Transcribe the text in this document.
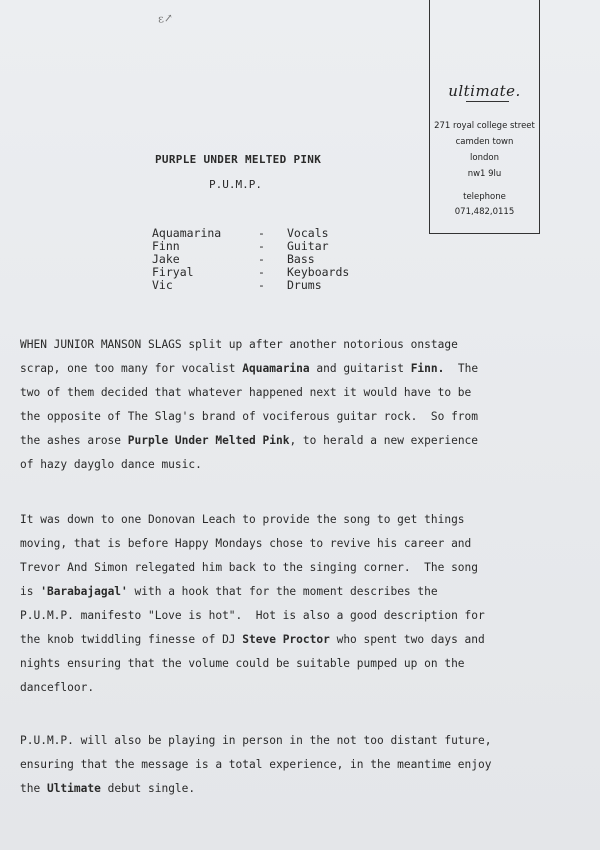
ɛ↗
ultimate.
271 royal college street
camden town
london
nw1 9lu
telephone
071,482,0115
PURPLE UNDER MELTED PINK
P.U.M.P.
Aquamarina	- Vocals
Finn	- Guitar
Jake	- Bass
Firyal	- Keyboards
Vic	- Drums
WHEN JUNIOR MANSON SLAGS split up after another notorious onstage
scrap, one too many for vocalist Aquamarina and guitarist Finn.  The
two of them decided that whatever happened next it would have to be
the opposite of The Slag's brand of vociferous guitar rock.  So from
the ashes arose Purple Under Melted Pink, to herald a new experience
of hazy dayglo dance music.
It was down to one Donovan Leach to provide the song to get things
moving, that is before Happy Mondays chose to revive his career and
Trevor And Simon relegated him back to the singing corner.  The song
is 'Barabajagal' with a hook that for the moment describes the
P.U.M.P. manifesto "Love is hot".  Hot is also a good description for
the knob twiddling finesse of DJ Steve Proctor who spent two days and
nights ensuring that the volume could be suitable pumped up on the
dancefloor.
P.U.M.P. will also be playing in person in the not too distant future,
ensuring that the message is a total experience, in the meantime enjoy
the Ultimate debut single.
